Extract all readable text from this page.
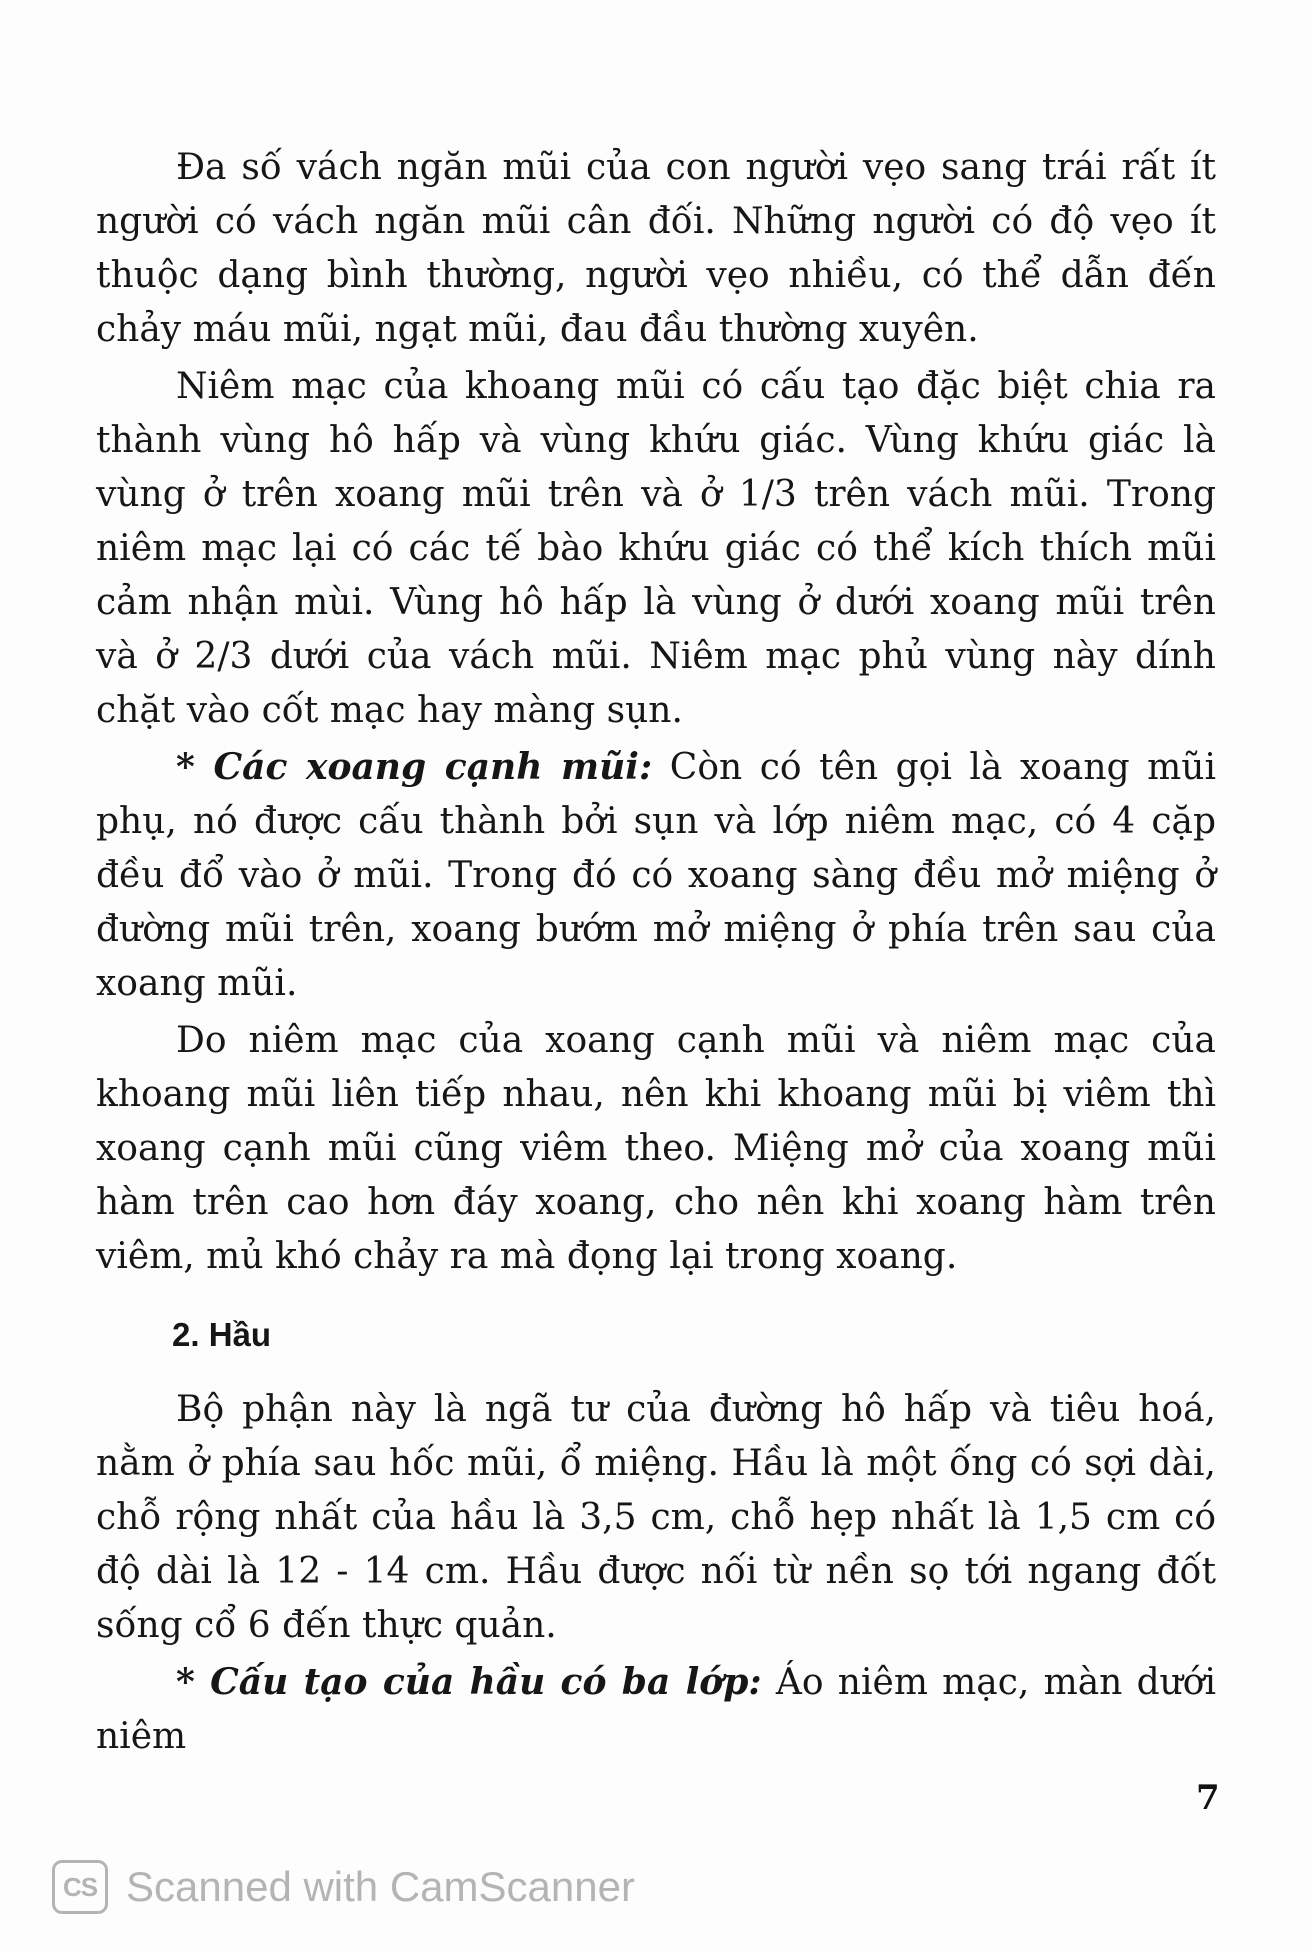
Đa số vách ngăn mũi của con người vẹo sang trái rất ít người có vách ngăn mũi cân đối. Những người có độ vẹo ít thuộc dạng bình thường, người vẹo nhiều, có thể dẫn đến chảy máu mũi, ngạt mũi, đau đầu thường xuyên.

Niêm mạc của khoang mũi có cấu tạo đặc biệt chia ra thành vùng hô hấp và vùng khứu giác. Vùng khứu giác là vùng ở trên xoang mũi trên và ở 1/3 trên vách mũi. Trong niêm mạc lại có các tế bào khứu giác có thể kích thích mũi cảm nhận mùi. Vùng hô hấp là vùng ở dưới xoang mũi trên và ở 2/3 dưới của vách mũi. Niêm mạc phủ vùng này dính chặt vào cốt mạc hay màng sụn.

* Các xoang cạnh mũi: Còn có tên gọi là xoang mũi phụ, nó được cấu thành bởi sụn và lớp niêm mạc, có 4 cặp đều đổ vào ở mũi. Trong đó có xoang sàng đều mở miệng ở đường mũi trên, xoang bướm mở miệng ở phía trên sau của xoang mũi.

Do niêm mạc của xoang cạnh mũi và niêm mạc của khoang mũi liên tiếp nhau, nên khi khoang mũi bị viêm thì xoang cạnh mũi cũng viêm theo. Miệng mở của xoang mũi hàm trên cao hơn đáy xoang, cho nên khi xoang hàm trên viêm, mủ khó chảy ra mà đọng lại trong xoang.

2. Hầu

Bộ phận này là ngã tư của đường hô hấp và tiêu hoá, nằm ở phía sau hốc mũi, ổ miệng. Hầu là một ống có sợi dài, chỗ rộng nhất của hầu là 3,5 cm, chỗ hẹp nhất là 1,5 cm có độ dài là 12 - 14 cm. Hầu được nối từ nền sọ tới ngang đốt sống cổ 6 đến thực quản.

* Cấu tạo của hầu có ba lớp: Áo niêm mạc, màn dưới niêm

7
CS Scanned with CamScanner
